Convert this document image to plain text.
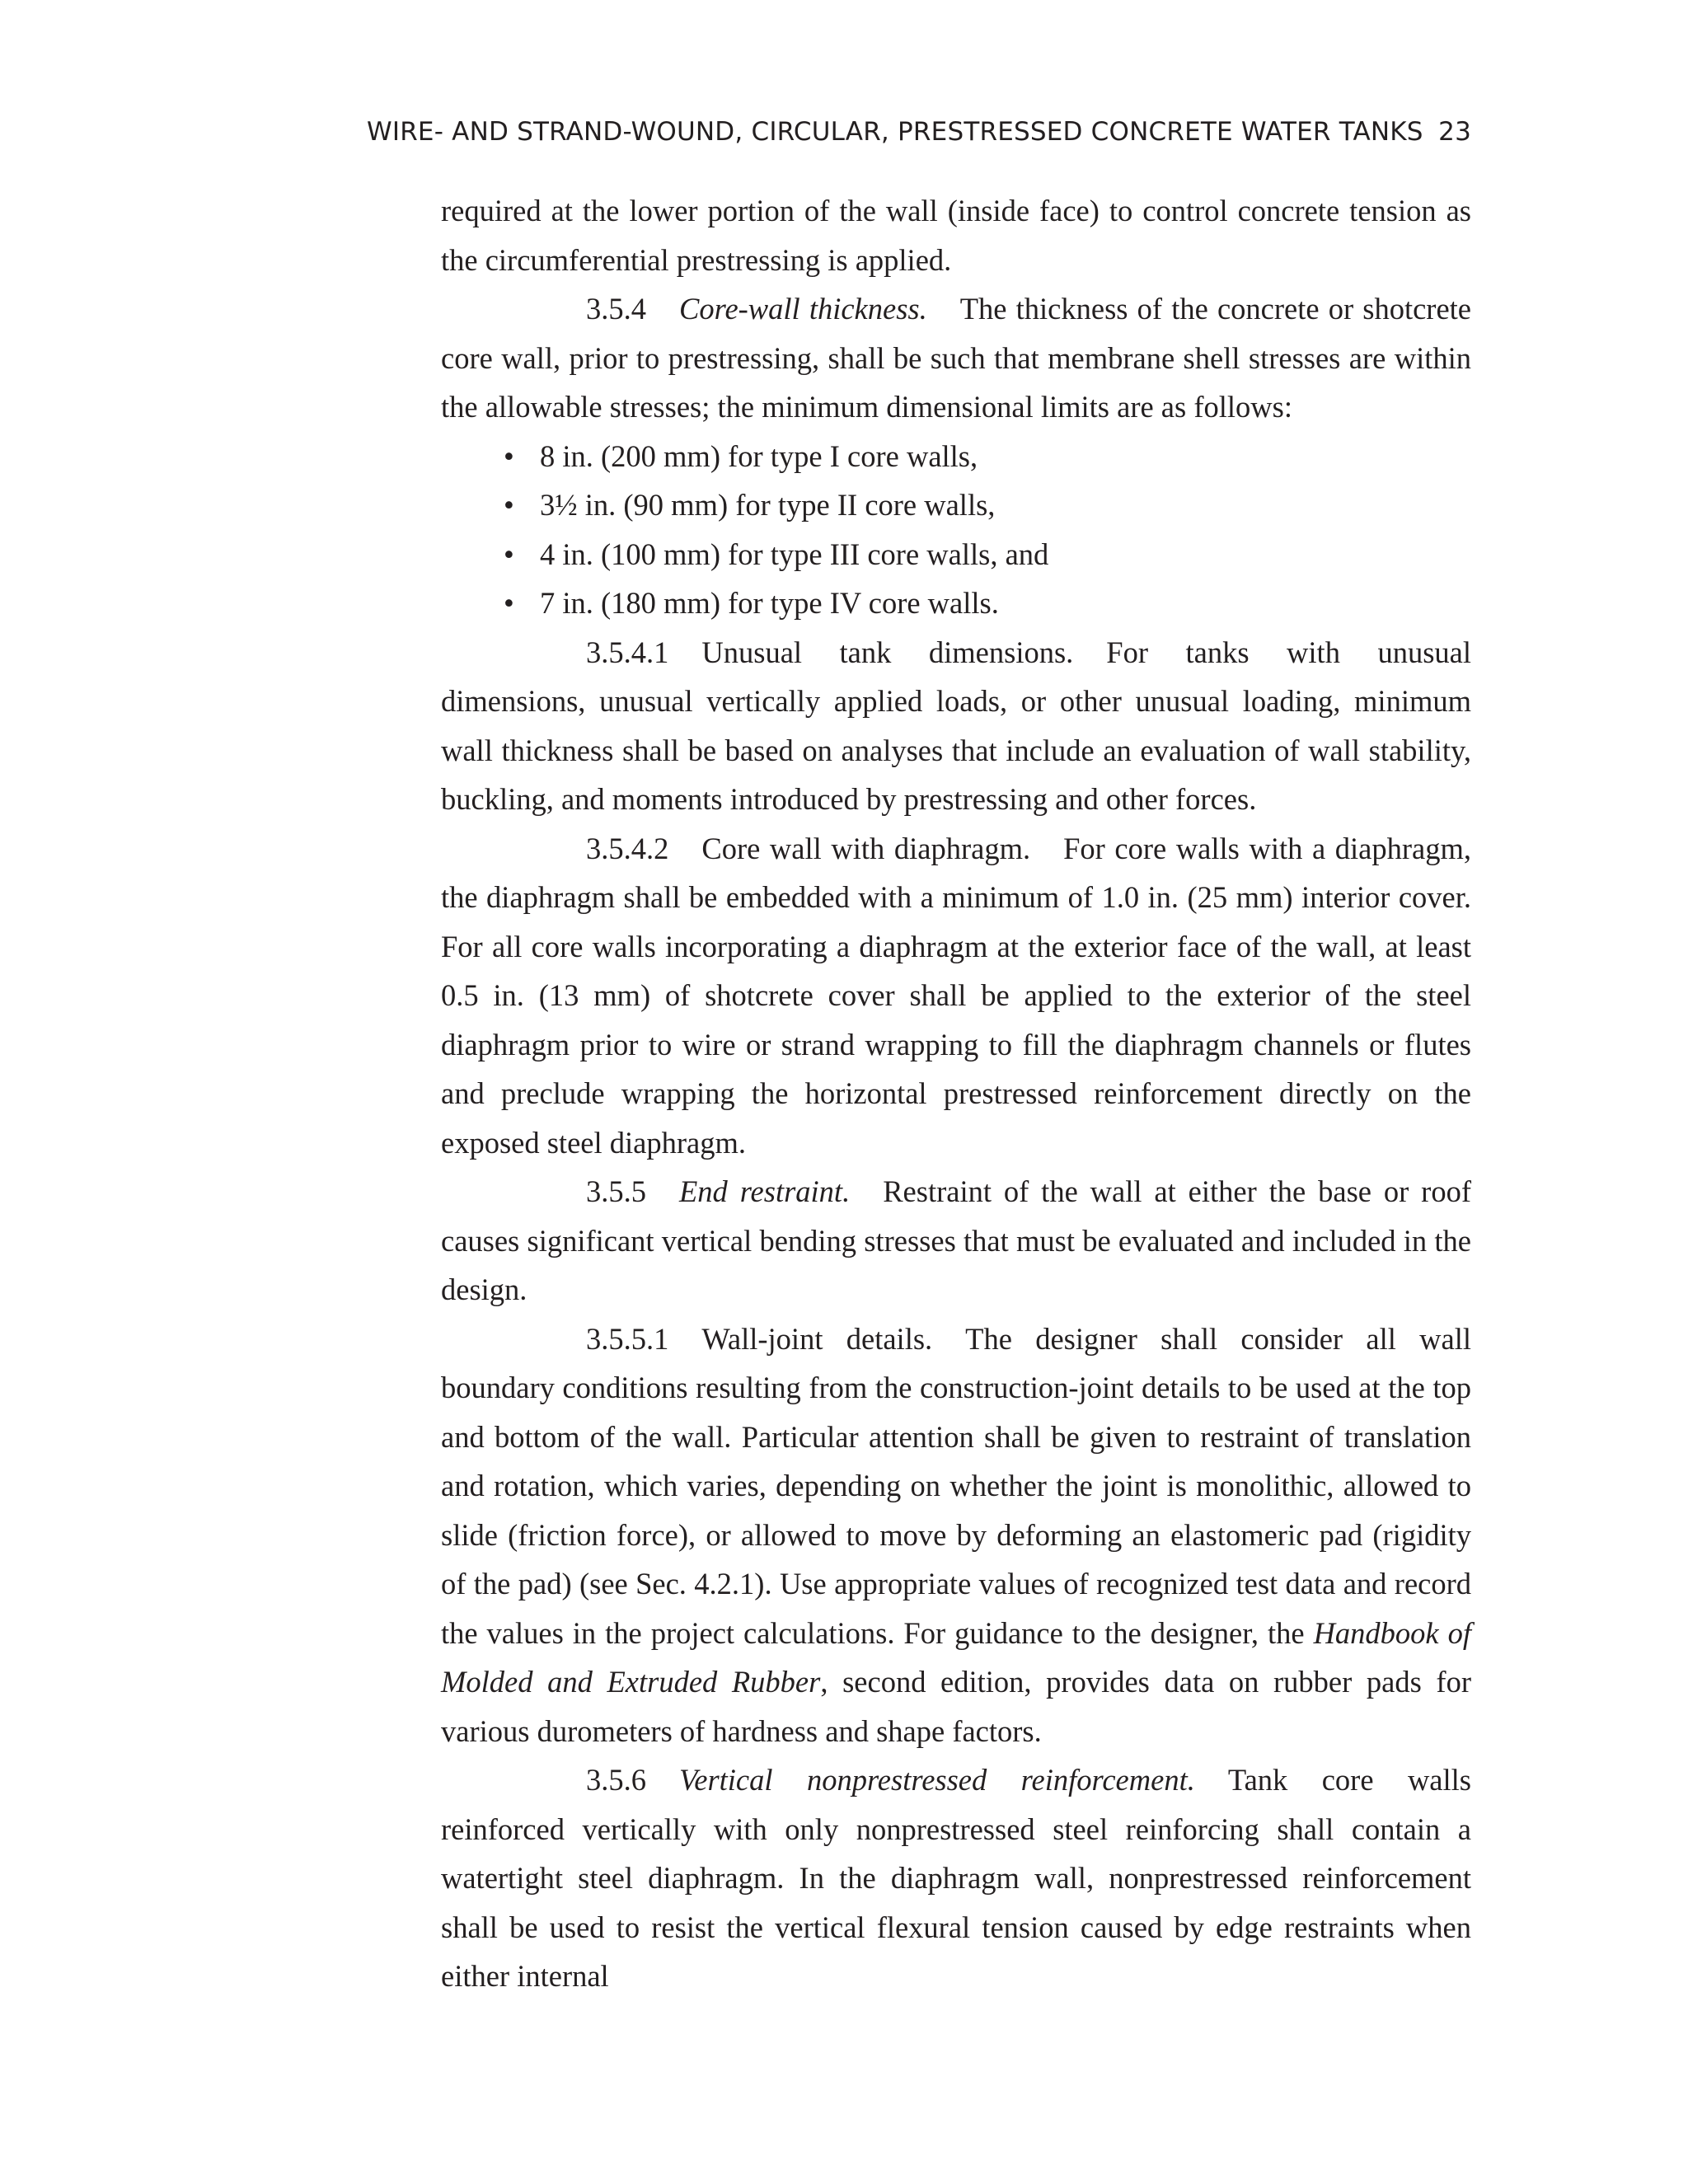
WIRE- AND STRAND-WOUND, CIRCULAR, PRESTRESSED CONCRETE WATER TANKS 23

required at the lower portion of the wall (inside face) to control concrete tension as the circumferential prestressing is applied.

3.5.4 Core-wall thickness. The thickness of the concrete or shotcrete core wall, prior to prestressing, shall be such that membrane shell stresses are within the allowable stresses; the minimum dimensional limits are as follows:

• 8 in. (200 mm) for type I core walls,
• 3½ in. (90 mm) for type II core walls,
• 4 in. (100 mm) for type III core walls, and
• 7 in. (180 mm) for type IV core walls.

3.5.4.1 Unusual tank dimensions. For tanks with unusual dimensions, unusual vertically applied loads, or other unusual loading, minimum wall thickness shall be based on analyses that include an evaluation of wall stability, buckling, and moments introduced by prestressing and other forces.

3.5.4.2 Core wall with diaphragm. For core walls with a diaphragm, the diaphragm shall be embedded with a minimum of 1.0 in. (25 mm) interior cover. For all core walls incorporating a diaphragm at the exterior face of the wall, at least 0.5 in. (13 mm) of shotcrete cover shall be applied to the exterior of the steel diaphragm prior to wire or strand wrapping to fill the diaphragm channels or flutes and preclude wrapping the horizontal prestressed reinforcement directly on the exposed steel diaphragm.

3.5.5 End restraint. Restraint of the wall at either the base or roof causes significant vertical bending stresses that must be evaluated and included in the design.

3.5.5.1 Wall-joint details. The designer shall consider all wall boundary conditions resulting from the construction-joint details to be used at the top and bottom of the wall. Particular attention shall be given to restraint of translation and rotation, which varies, depending on whether the joint is monolithic, allowed to slide (friction force), or allowed to move by deforming an elastomeric pad (rigidity of the pad) (see Sec. 4.2.1). Use appropriate values of recognized test data and record the values in the project calculations. For guidance to the designer, the Handbook of Molded and Extruded Rubber, second edition, provides data on rubber pads for various durometers of hardness and shape factors.

3.5.6 Vertical nonprestressed reinforcement. Tank core walls reinforced vertically with only nonprestressed steel reinforcing shall contain a watertight steel diaphragm. In the diaphragm wall, nonprestressed reinforcement shall be used to resist the vertical flexural tension caused by edge restraints when either internal
